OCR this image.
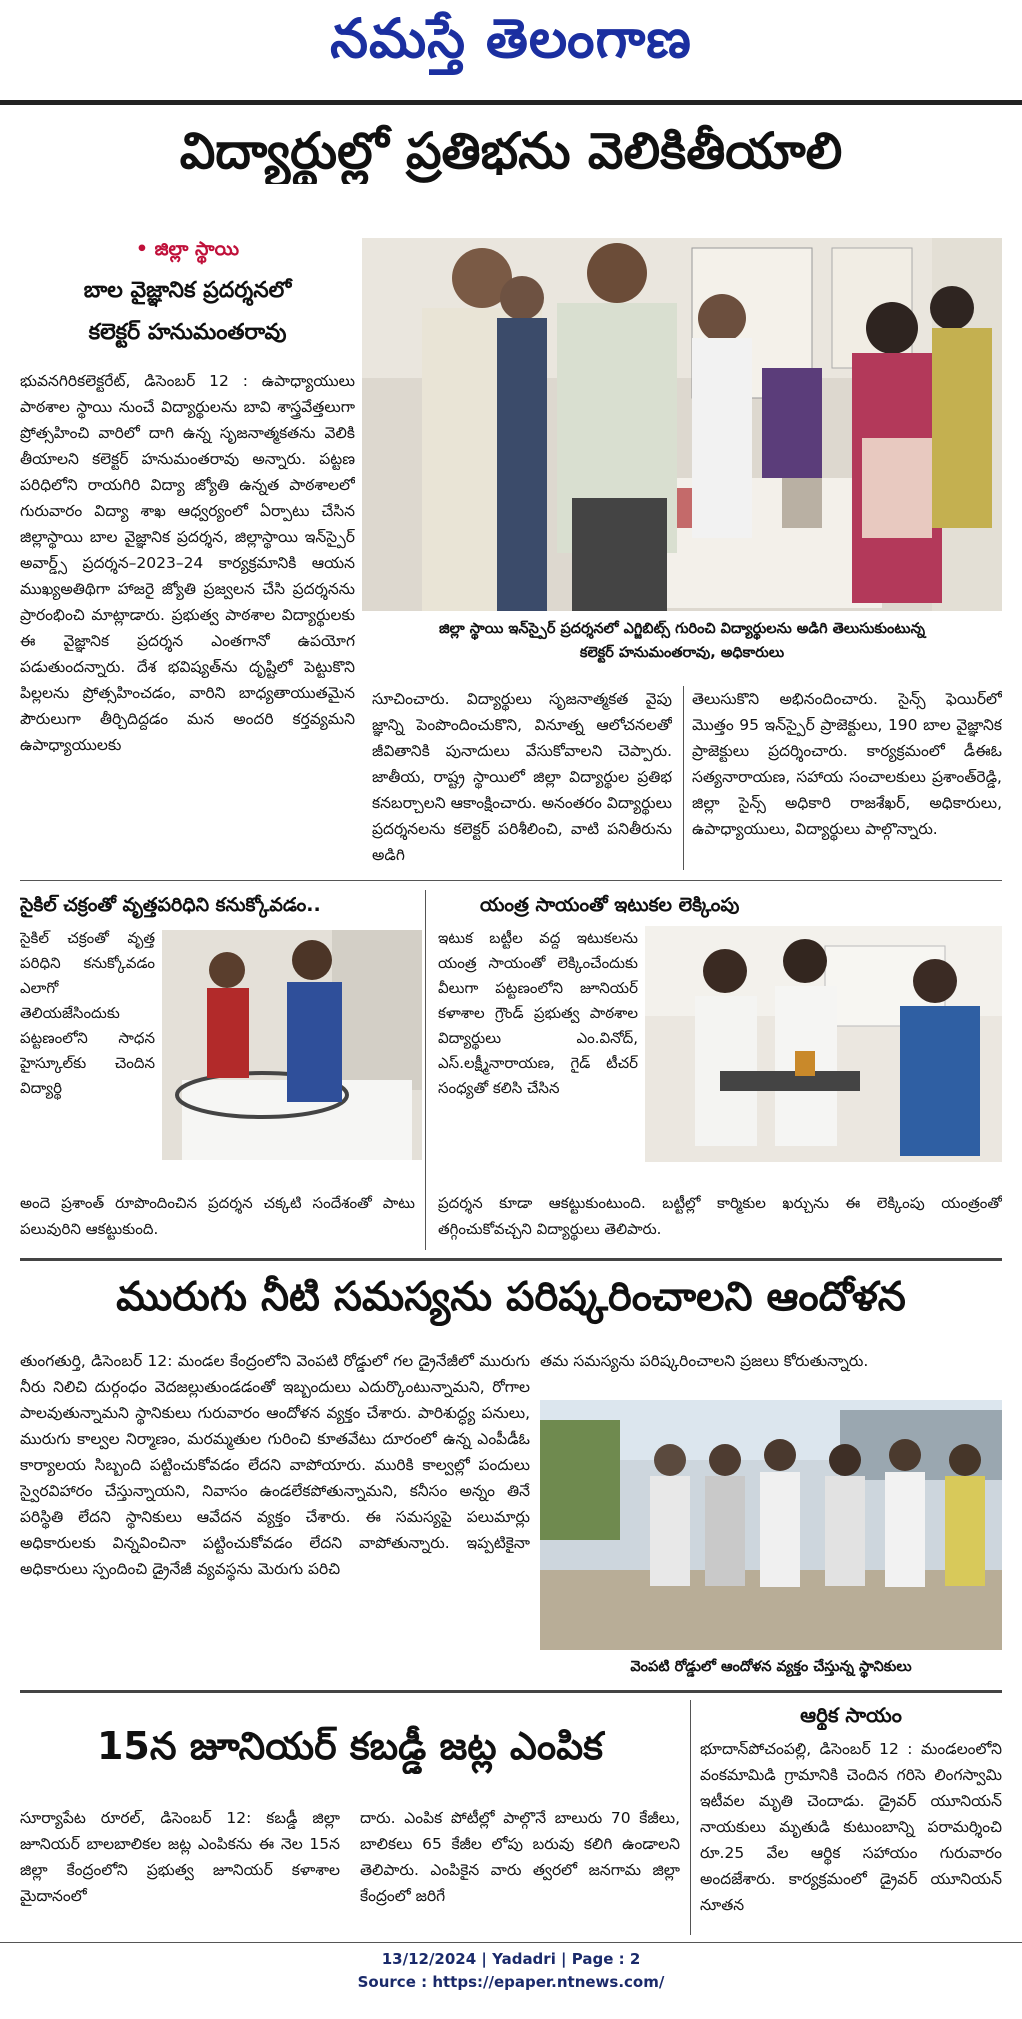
నమస్తే తెలంగాణ
విద్యార్థుల్లో ప్రతిభను వెలికితీయాలి
• జిల్లా స్థాయి
బాల వైజ్ఞానిక ప్రదర్శనలో
కలెక్టర్ హనుమంతరావు
భువనగిరికలెక్టరేట్, డిసెంబర్ 12 : ఉపాధ్యాయులు పాఠశాల స్థాయి నుంచే విద్యార్థులను బావి శాస్త్రవేత్తలుగా ప్రోత్సహించి వారిలో దాగి ఉన్న సృజనాత్మకతను వెలికి తీయాలని కలెక్టర్ హనుమంతరావు అన్నారు. పట్టణ పరిధిలోని రాయగిరి విద్యా జ్యోతి ఉన్నత పాఠశాలలో గురువారం విద్యా శాఖ ఆధ్వర్యంలో ఏర్పాటు చేసిన జిల్లాస్థాయి బాల వైజ్ఞానిక ప్రదర్శన, జిల్లాస్థాయి ఇన్‌స్పైర్ అవార్డ్స్ ప్రదర్శన–2023–24 కార్యక్రమానికి ఆయన ముఖ్యఅతిథిగా హాజరై జ్యోతి ప్రజ్వలన చేసి ప్రదర్శనను ప్రారంభించి మాట్లాడారు. ప్రభుత్వ పాఠశాల విద్యార్థులకు ఈ వైజ్ఞానిక ప్రదర్శన ఎంతగానో ఉపయోగ పడుతుందన్నారు. దేశ భవిష్యత్‌ను దృష్టిలో పెట్టుకొని పిల్లలను ప్రోత్సహించడం, వారిని బాధ్యతాయుతమైన పౌరులుగా తీర్చిదిద్దడం మన అందరి కర్తవ్యమని ఉపాధ్యాయులకు
జిల్లా స్థాయి ఇన్‌స్పైర్ ప్రదర్శనలో ఎగ్జిబిట్స్ గురించి విద్యార్థులను అడిగి తెలుసుకుంటున్న
కలెక్టర్ హనుమంతరావు, అధికారులు
సూచించారు. విద్యార్థులు సృజనాత్మకత వైపు జ్ఞాన్ని పెంపొందించుకొని, వినూత్న ఆలోచనలతో జీవితానికి పునాదులు వేసుకోవాలని చెప్పారు. జాతీయ, రాష్ట్ర స్థాయిలో జిల్లా విద్యార్థుల ప్రతిభ కనబర్చాలని ఆకాంక్షించారు. అనంతరం విద్యార్థులు ప్రదర్శనలను కలెక్టర్ పరిశీలించి, వాటి పనితీరును అడిగి
తెలుసుకొని అభినందించారు. సైన్స్ ఫెయిర్‌లో మొత్తం 95 ఇన్‌స్పైర్ ప్రాజెక్టులు, 190 బాల వైజ్ఞానిక ప్రాజెక్టులు ప్రదర్శించారు. కార్యక్రమంలో డీఈఓ సత్యనారాయణ, సహాయ సంచాలకులు ప్రశాంత్‌రెడ్డి, జిల్లా సైన్స్ అధికారి రాజశేఖర్, అధికారులు, ఉపాధ్యాయులు, విద్యార్థులు పాల్గొన్నారు.
సైకిల్ చక్రంతో వృత్తపరిధిని కనుక్కోవడం..
సైకిల్ చక్రంతో వృత్త పరిధిని కనుక్కోవడం ఎలాగో తెలియజేసిందుకు పట్టణంలోని సాధన హైస్కూల్‌కు చెందిన విద్యార్థి
అందె ప్రశాంత్ రూపొందించిన ప్రదర్శన చక్కటి సందేశంతో పాటు పలువురిని ఆకట్టుకుంది.
యంత్ర సాయంతో ఇటుకల లెక్కింపు
ఇటుక బట్టీల వద్ద ఇటుకలను యంత్ర సాయంతో లెక్కించేందుకు వీలుగా పట్టణంలోని జూనియర్ కళాశాల గ్రౌండ్ ప్రభుత్వ పాఠశాల విద్యార్థులు ఎం.వినోద్, ఎస్.లక్ష్మీనారాయణ, గైడ్ టీచర్ సంధ్యతో కలిసి చేసిన
ప్రదర్శన కూడా ఆకట్టుకుంటుంది. బట్టీల్లో కార్మికుల ఖర్చును ఈ లెక్కింపు యంత్రంతో తగ్గించుకోవచ్చని విద్యార్థులు తెలిపారు.
మురుగు నీటి సమస్యను పరిష్కరించాలని ఆందోళన
తుంగతుర్తి, డిసెంబర్ 12: మండల కేంద్రంలోని వెంపటి రోడ్డులో గల డ్రైనేజీలో మురుగు నీరు నిలిచి దుర్గంధం వెదజల్లుతుండడంతో ఇబ్బందులు ఎదుర్కొంటున్నామని, రోగాల పాలవుతున్నామని స్థానికులు గురువారం ఆందోళన వ్యక్తం చేశారు. పారిశుద్ధ్య పనులు, మురుగు కాల్వల నిర్మాణం, మరమ్మతుల గురించి కూతవేటు దూరంలో ఉన్న ఎంపీడీఓ కార్యాలయ సిబ్బంది పట్టించుకోవడం లేదని వాపోయారు. మురికి కాల్వల్లో పందులు స్వైరవిహారం చేస్తున్నాయని, నివాసం ఉండలేకపోతున్నామని, కనీసం అన్నం తినే పరిస్థితి లేదని స్థానికులు ఆవేదన వ్యక్తం చేశారు. ఈ సమస్యపై పలుమార్లు అధికారులకు విన్నవించినా పట్టించుకోవడం లేదని వాపోతున్నారు. ఇప్పటికైనా అధికారులు స్పందించి డ్రైనేజీ వ్యవస్థను మెరుగు పరిచి
తమ సమస్యను పరిష్కరించాలని ప్రజలు కోరుతున్నారు.
వెంపటి రోడ్డులో ఆందోళన వ్యక్తం చేస్తున్న స్థానికులు
15న జూనియర్ కబడ్డీ జట్ల ఎంపిక
సూర్యాపేట రూరల్, డిసెంబర్ 12: కబడ్డీ జిల్లా జూనియర్ బాలబాలికల జట్ల ఎంపికను ఈ నెల 15న జిల్లా కేంద్రంలోని ప్రభుత్వ జూనియర్ కళాశాల మైదానంలో
దారు. ఎంపిక పోటీల్లో పాల్గొనే బాలురు 70 కేజీలు, బాలికలు 65 కేజీల లోపు బరువు కలిగి ఉండాలని తెలిపారు. ఎంపికైన వారు త్వరలో జనగామ జిల్లా కేంద్రంలో జరిగే
ఆర్థిక సాయం
భూదాన్‌పోచంపల్లి, డిసెంబర్ 12 : మండలంలోని వంకమామిడి గ్రామానికి చెందిన గరిసె లింగస్వామి ఇటీవల మృతి చెందాడు. డ్రైవర్ యూనియన్ నాయకులు మృతుడి కుటుంబాన్ని పరామర్శించి రూ.25 వేల ఆర్థిక సహాయం గురువారం అందజేశారు. కార్యక్రమంలో డ్రైవర్ యూనియన్ నూతన
13/12/2024 | Yadadri | Page : 2
Source : https://epaper.ntnews.com/
